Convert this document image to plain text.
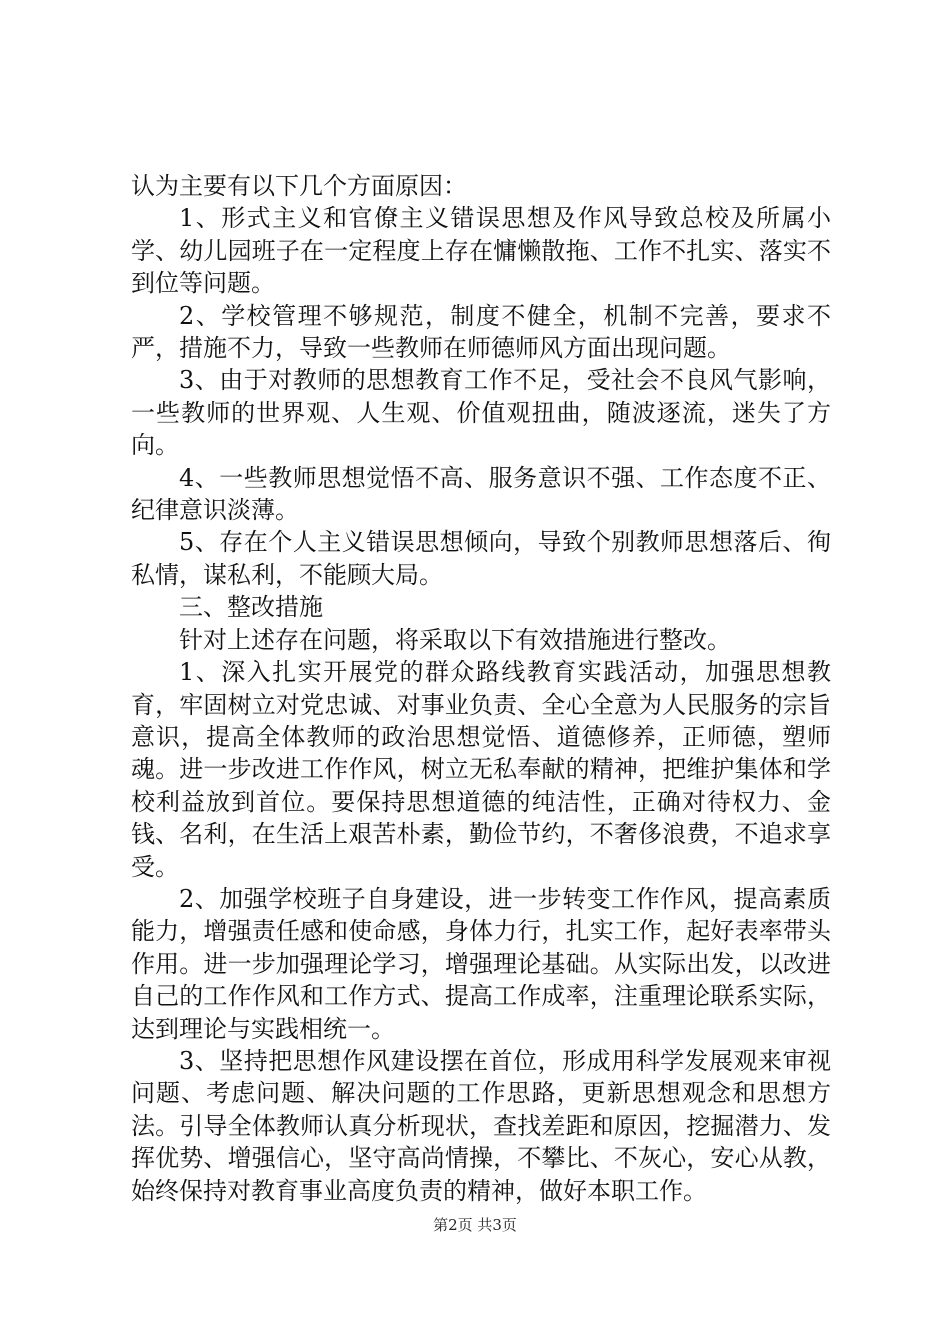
认为主要有以下几个方面原因：

1、形式主义和官僚主义错误思想及作风导致总校及所属小学、幼儿园班子在一定程度上存在慵懒散拖、工作不扎实、落实不到位等问题。

2、学校管理不够规范，制度不健全，机制不完善，要求不严，措施不力，导致一些教师在师德师风方面出现问题。

3、由于对教师的思想教育工作不足，受社会不良风气影响，一些教师的世界观、人生观、价值观扭曲，随波逐流，迷失了方向。

4、一些教师思想觉悟不高、服务意识不强、工作态度不正、纪律意识淡薄。

5、存在个人主义错误思想倾向，导致个别教师思想落后、徇私情，谋私利，不能顾大局。

三、整改措施

针对上述存在问题，将采取以下有效措施进行整改。

1、深入扎实开展党的群众路线教育实践活动，加强思想教育，牢固树立对党忠诚、对事业负责、全心全意为人民服务的宗旨意识，提高全体教师的政治思想觉悟、道德修养，正师德，塑师魂。进一步改进工作作风，树立无私奉献的精神，把维护集体和学校利益放到首位。要保持思想道德的纯洁性，正确对待权力、金钱、名利，在生活上艰苦朴素，勤俭节约，不奢侈浪费，不追求享受。

2、加强学校班子自身建设，进一步转变工作作风，提高素质能力，增强责任感和使命感，身体力行，扎实工作，起好表率带头作用。进一步加强理论学习，增强理论基础。从实际出发，以改进自己的工作作风和工作方式、提高工作成率，注重理论联系实际，达到理论与实践相统一。

3、坚持把思想作风建设摆在首位，形成用科学发展观来审视问题、考虑问题、解决问题的工作思路，更新思想观念和思想方法。引导全体教师认真分析现状，查找差距和原因，挖掘潜力、发挥优势、增强信心，坚守高尚情操，不攀比、不灰心，安心从教，始终保持对教育事业高度负责的精神，做好本职工作。

第2页 共3页
